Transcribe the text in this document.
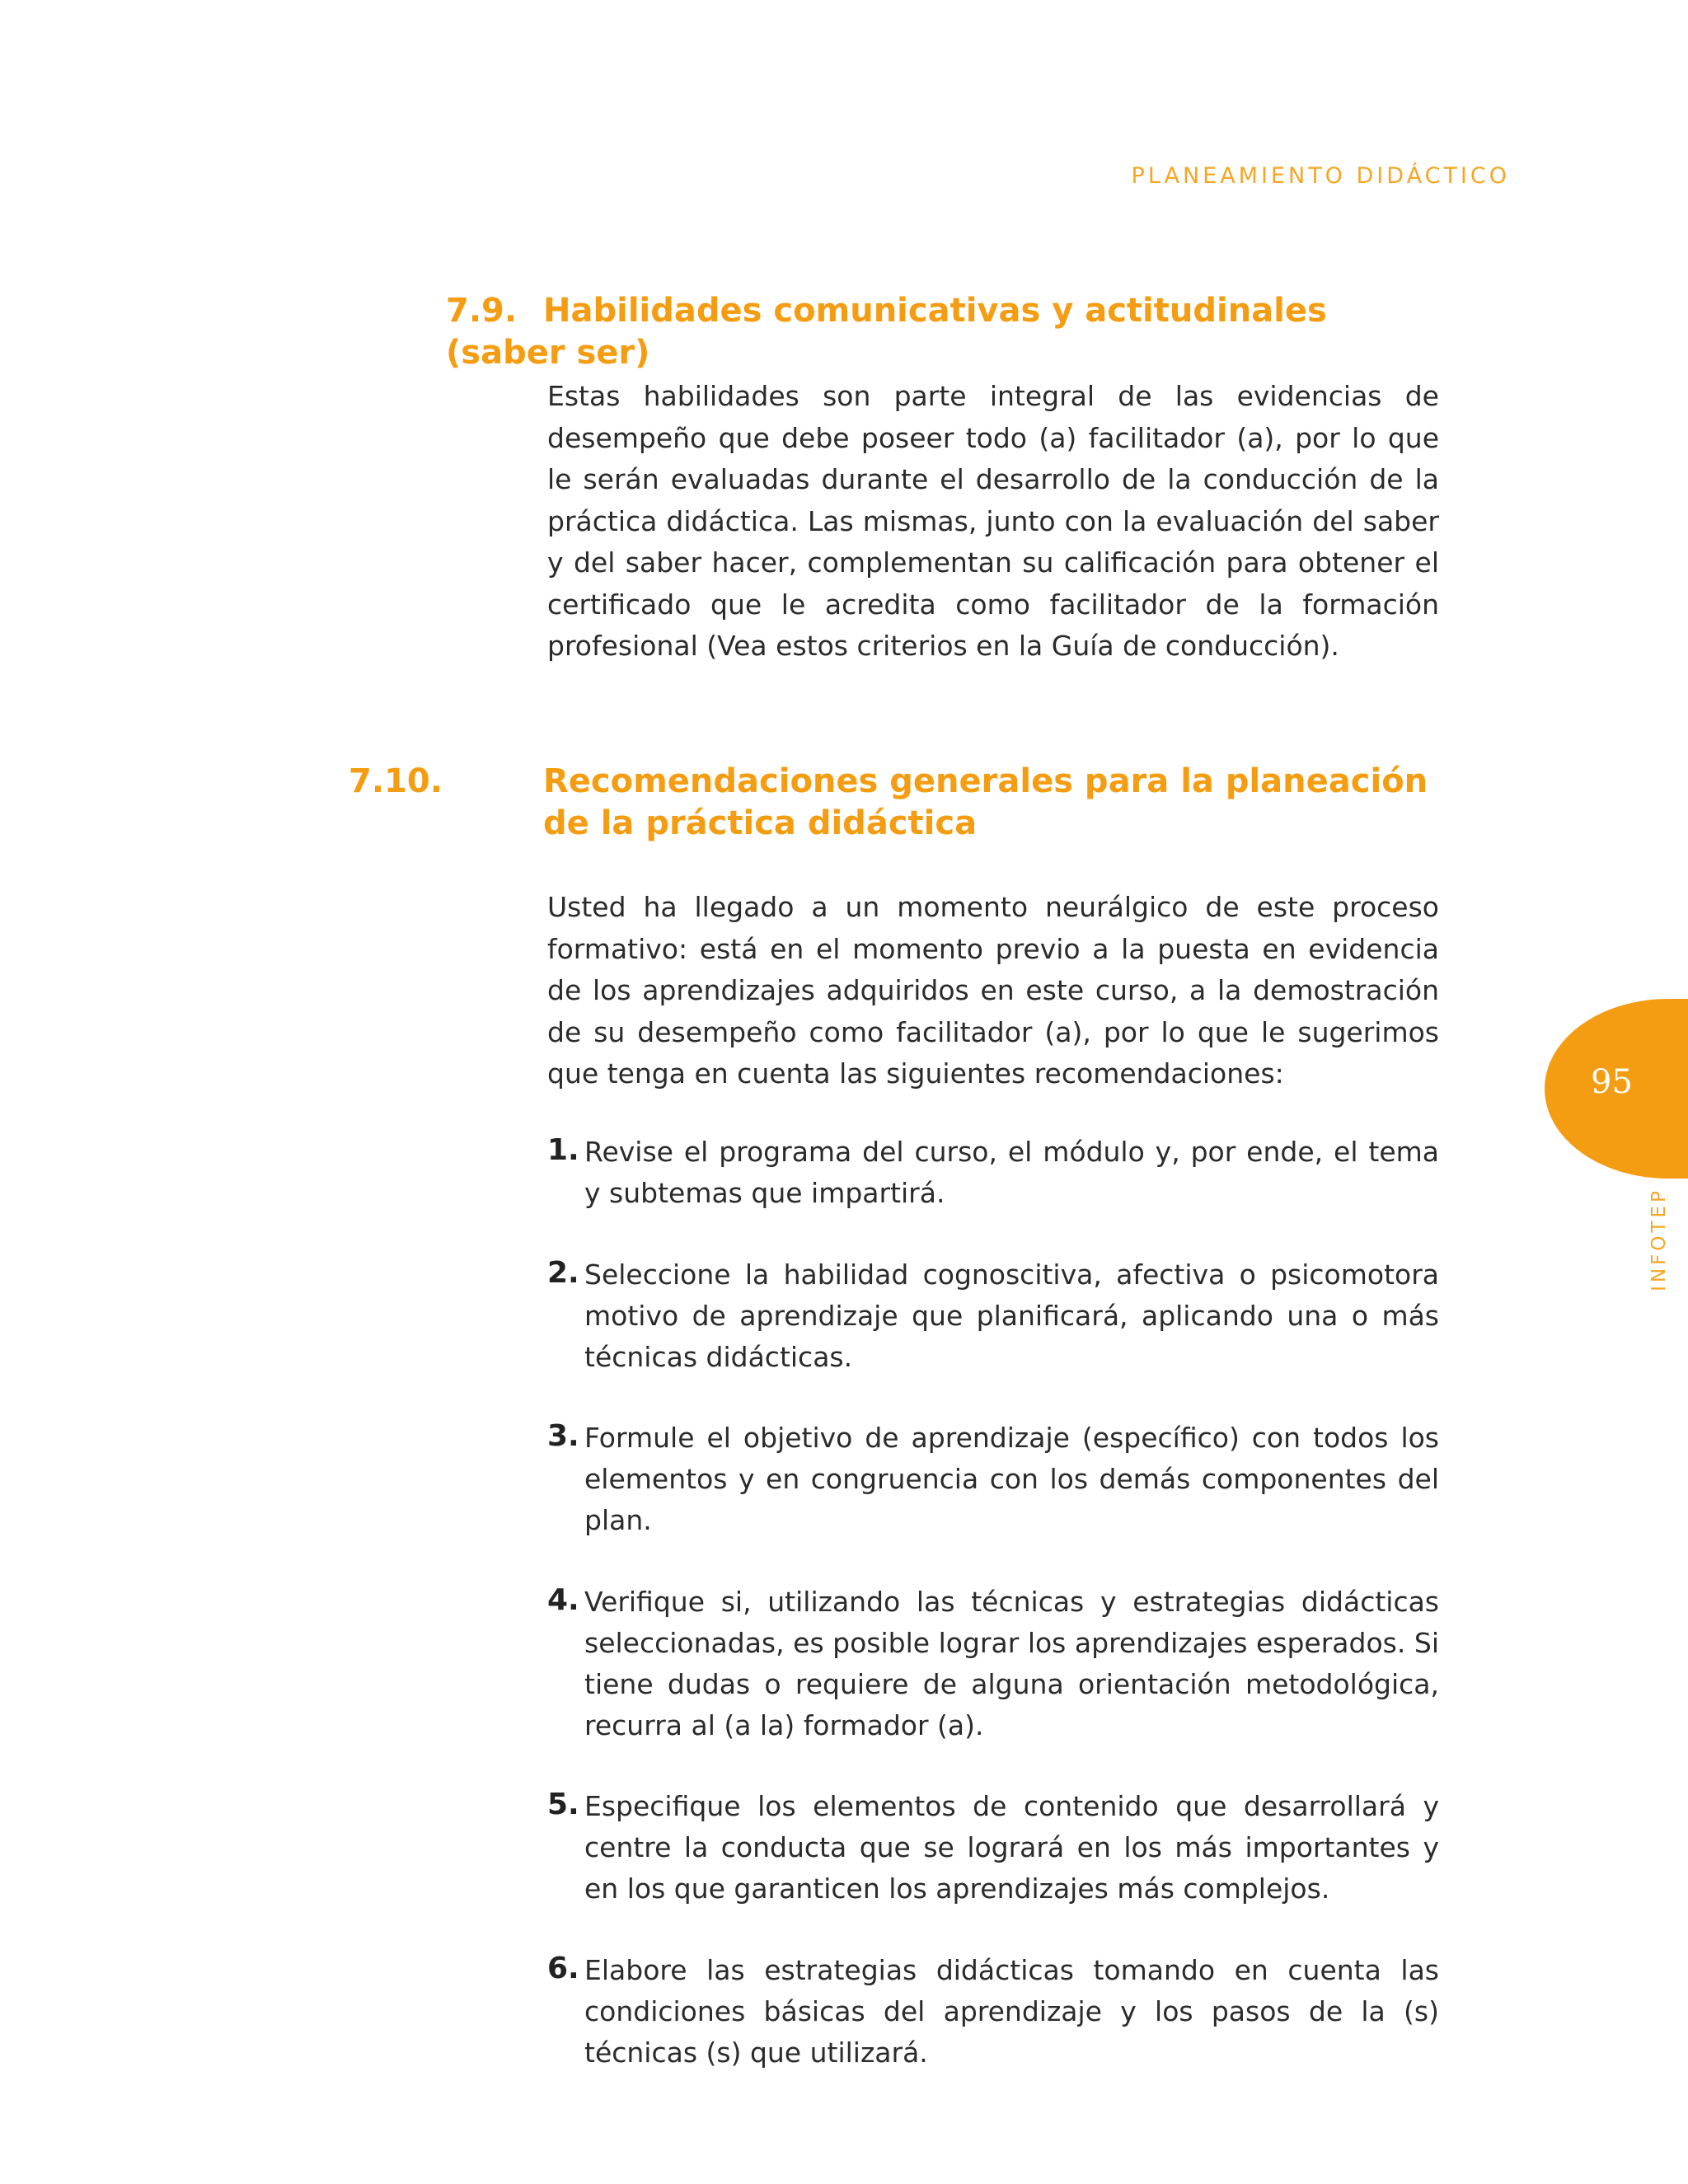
PLANEAMIENTO DIDÁCTICO
7.9. Habilidades comunicativas y actitudinales (saber ser)

Estas habilidades son parte integral de las evidencias de desempeño que debe poseer todo (a) facilitador (a), por lo que le serán evaluadas durante el desarrollo de la conducción de la práctica didáctica. Las mismas, junto con la evaluación del saber y del saber hacer, complementan su calificación para obtener el certificado que le acredita como facilitador de la formación profesional (Vea estos criterios en la Guía de conducción).

7.10.	Recomendaciones generales para la planeación de la práctica didáctica

Usted ha llegado a un momento neurálgico de este proceso formativo: está en el momento previo a la puesta en evidencia de los aprendizajes adquiridos en este curso, a la demostración de su desempeño como facilitador (a), por lo que le sugerimos que tenga en cuenta las siguientes recomendaciones:

1. Revise el programa del curso, el módulo y, por ende, el tema y subtemas que impartirá.
2. Seleccione la habilidad cognoscitiva, afectiva o psicomotora motivo de aprendizaje que planificará, aplicando una o más técnicas didácticas.
3. Formule el objetivo de aprendizaje (específico) con todos los elementos y en congruencia con los demás componentes del plan.
4. Verifique si, utilizando las técnicas y estrategias didácticas seleccionadas, es posible lograr los aprendizajes esperados. Si tiene dudas o requiere de alguna orientación metodológica, recurra al (a la) formador (a).
5. Especifique los elementos de contenido que desarrollará y centre la conducta que se logrará en los más importantes y en los que garanticen los aprendizajes más complejos.
6. Elabore las estrategias didácticas tomando en cuenta las condiciones básicas del aprendizaje y los pasos de la (s) técnicas (s) que utilizará.
95
INFOTEP
